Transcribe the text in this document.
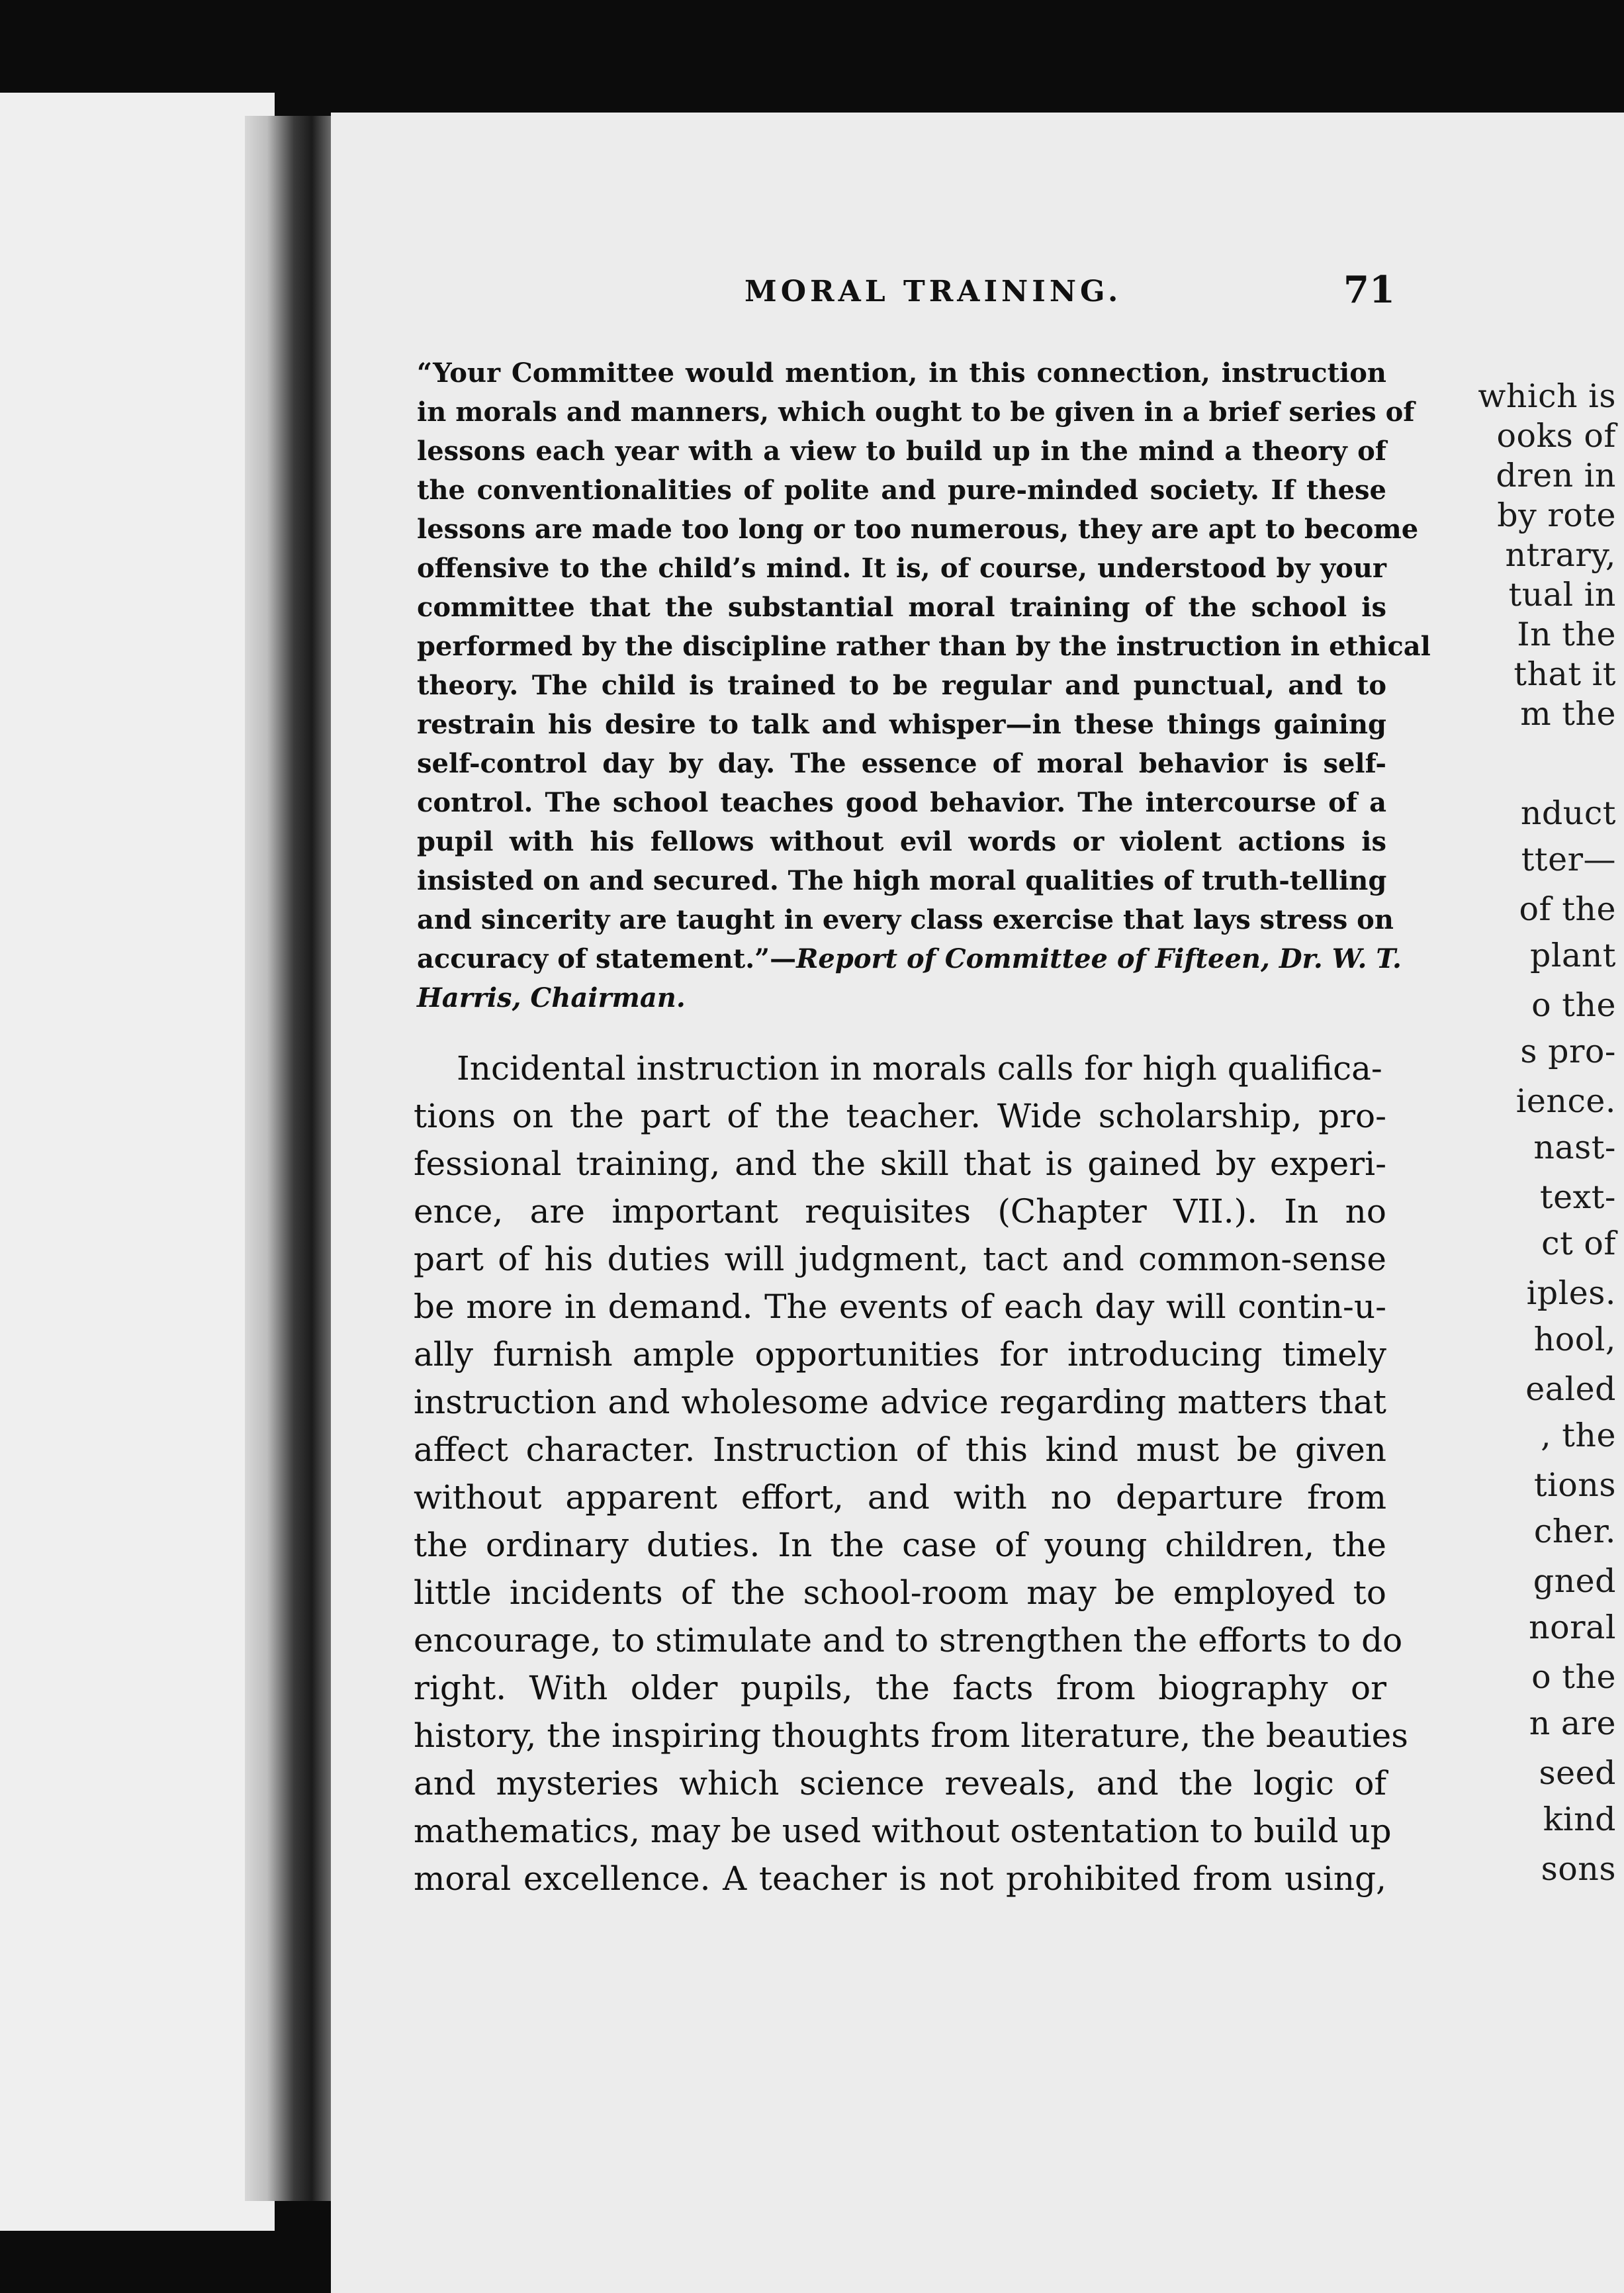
which is

ooks of

dren in

by rote

ntrary,

tual in

In the

that it

m the

nduct

tter—

of the

plant

o the

s pro-

ience.

nast-

text-

ct of

iples.

hool,

ealed

, the

tions

cher.

gned

noral

o the

n are

seed

kind

sons

MORAL TRAINING.	71

“Your Committee would mention, in this connection, instruction

in morals and manners, which ought to be given in a brief series of

lessons each year with a view to build up in the mind a theory of

the conventionalities of polite and pure-minded society. If these

lessons are made too long or too numerous, they are apt to become

offensive to the child’s mind. It is, of course, understood by your

committee that the substantial moral training of the school is

performed by the discipline rather than by the instruction in ethical

theory. The child is trained to be regular and punctual, and to

restrain his desire to talk and whisper—in these things gaining

self-control day by day. The essence of moral behavior is self-

control. The school teaches good behavior. The intercourse of a

pupil with his fellows without evil words or violent actions is

insisted on and secured. The high moral qualities of truth-telling

and sincerity are taught in every class exercise that lays stress on

accuracy of statement.”—Report of Committee of Fifteen, Dr. W. T.

Harris, Chairman.

Incidental instruction in morals calls for high qualifica-

tions on the part of the teacher. Wide scholarship, pro-

fessional training, and the skill that is gained by experi-

ence, are important requisites (Chapter VII.). In no

part of his duties will judgment, tact and common-sense

be more in demand. The events of each day will contin-u-

ally furnish ample opportunities for introducing timely

instruction and wholesome advice regarding matters that

affect character. Instruction of this kind must be given

without apparent effort, and with no departure from

the ordinary duties. In the case of young children, the

little incidents of the school-room may be employed to

encourage, to stimulate and to strengthen the efforts to do

right. With older pupils, the facts from biography or

history, the inspiring thoughts from literature, the beauties

and mysteries which science reveals, and the logic of

mathematics, may be used without ostentation to build up

moral excellence. A teacher is not prohibited from using,
